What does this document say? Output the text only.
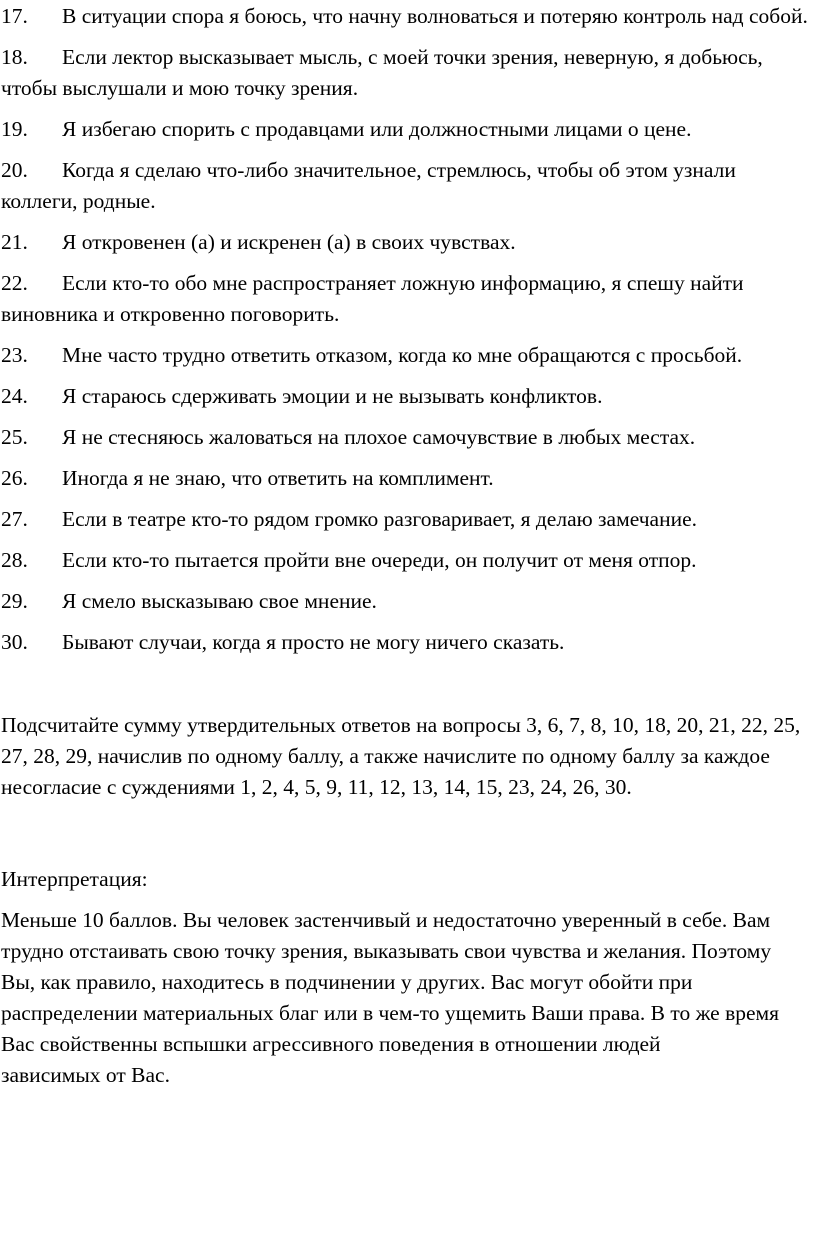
17. В ситуации спора я боюсь, что начну волноваться и потеряю контроль над собой.
18. Если лектор высказывает мысль, с моей точки зрения, неверную, я добьюсь, чтобы выслушали и мою точку зрения.
19. Я избегаю спорить с продавцами или должностными лицами о цене.
20. Когда я сделаю что-либо значительное, стремлюсь, чтобы об этом узнали коллеги, родные.
21. Я откровенен (а) и искренен (а) в своих чувствах.
22. Если кто-то обо мне распространяет ложную информацию, я спешу найти виновника и откровенно поговорить.
23. Мне часто трудно ответить отказом, когда ко мне обращаются с просьбой.
24. Я стараюсь сдерживать эмоции и не вызывать конфликтов.
25. Я не стесняюсь жаловаться на плохое самочувствие в любых местах.
26. Иногда я не знаю, что ответить на комплимент.
27. Если в театре кто-то рядом громко разговаривает, я делаю замечание.
28. Если кто-то пытается пройти вне очереди, он получит от меня отпор.
29. Я смело высказываю свое мнение.
30. Бывают случаи, когда я просто не могу ничего сказать.

Подсчитайте сумму утвердительных ответов на вопросы 3, 6, 7, 8, 10, 18, 20, 21, 22, 25, 27, 28, 29, начислив по одному баллу, а также начислите по одному баллу за каждое несогласие с суждениями 1, 2, 4, 5, 9, 11, 12, 13, 14, 15, 23, 24, 26, 30.

Интерпретация:

Меньше 10 баллов. Вы человек застенчивый и недостаточно уверенный в себе. Вам трудно отстаивать свою точку зрения, выказывать свои чувства и желания. Поэтому Вы, как правило, находитесь в подчинении у других. Вас могут обойти при распределении материальных благ или в чем-то ущемить Ваши права. В то же время Вас свойственны вспышки агрессивного поведения в отношении людейзависимых от Вас.
